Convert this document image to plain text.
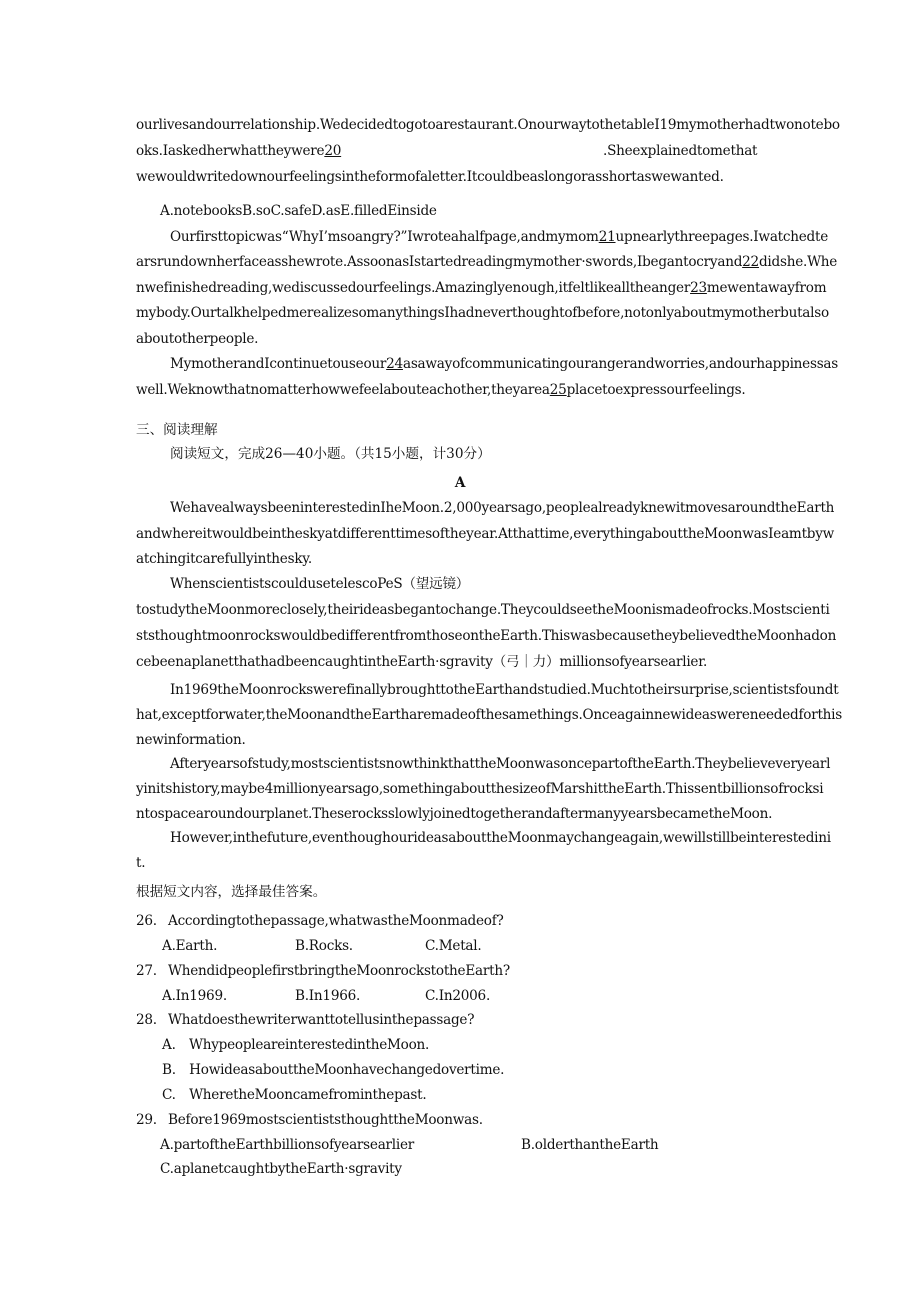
ourlivesandourrelationship.Wedecidedtogotoarestaurant.OnourwaytothetableI19mymotherhadtwonotebo
oks.Iaskedherwhattheywere20	.Sheexplainedtomethat
wewouldwritedownourfeelingsintheformofaletter.Itcouldbeaslongorasshortaswewanted.
A.notebooksB.soC.safeD.asE.filledEinside
Ourfirsttopicwas“WhyI’msoangry?”Iwroteahalfpage,andmymom21upnearlythreepages.Iwatchedte
arsrundownherfaceasshewrote.AssoonasIstartedreadingmymother·swords,Ibegantocryand22didshe.Whe
nwefinishedreading,wediscussedourfeelings.Amazinglyenough,itfeltlikealltheanger23mewentawayfrom
mybody.OurtalkhelpedmerealizesomanythingsIhadneverthoughtofbefore,notonlyaboutmymotherbutalso
aboutotherpeople.
MymotherandIcontinuetouseour24asawayofcommunicatingourangerandworries,andourhappinessas
well.Weknowthatnomatterhowwefeelabouteachother,theyarea25placetoexpressourfeelings.
三、阅读理解
阅读短文，完成26—40小题。（共15小题，计30分）
A
WehavealwaysbeeninterestedinIheMoon.2,000yearsago,peoplealreadyknewitmovesaroundtheEarth
andwhereitwouldbeintheskyatdifferenttimesoftheyear.Atthattime,everythingabouttheMoonwasIeamtbyw
atchingitcarefullyinthesky.
WhenscientistscouldusetelescoPeS（望远镜）
tostudytheMoonmoreclosely,theirideasbegantochange.TheycouldseetheMoonismadeofrocks.Mostscienti
ststhoughtmoonrockswouldbedifferentfromthoseontheEarth.ThiswasbecausetheybelievedtheMoonhadon
cebeenaplanetthathadbeencaughtintheEarth·sgravity（弓｜力）millionsofyearsearlier.
In1969theMoonrockswerefinallybroughttotheEarthandstudied.Muchtotheirsurprise,scientistsfoundt
hat,exceptforwater,theMoonandtheEartharemadeofthesamethings.Onceagainnewideaswereneededforthis
newinformation.
Afteryearsofstudy,mostscientistsnowthinkthattheMoonwasoncepartoftheEarth.Theybelieveveryearl
yinitshistory,maybe4millionyearsago,somethingaboutthesizeofMarshittheEarth.Thissentbillionsofrocksi
ntospacearoundourplanet.TheserocksslowlyjoinedtogetherandaftermanyyearsbecametheMoon.
However,inthefuture,eventhoughourideasabouttheMoonmaychangeagain,wewillstillbeinterestedini
t.
根据短文内容，选择最佳答案。
26. Accordingtothepassage,whatwastheMoonmadeof?
A.Earth.	B.Rocks.	C.Metal.
27. WhendidpeoplefirstbringtheMoonrockstotheEarth?
A.In1969.	B.In1966.	C.In2006.
28. Whatdoesthewriterwanttotellusinthepassage?
A.　WhypeopleareinterestedintheMoon.
B.　HowideasabouttheMoonhavechangedovertime.
C.　WheretheMooncamefrominthepast.
29. Before1969mostscientiststhoughttheMoonwas.
A.partoftheEarthbillionsofyearsearlier	B.olderthantheEarth
C.aplanetcaughtbytheEarth·sgravity
